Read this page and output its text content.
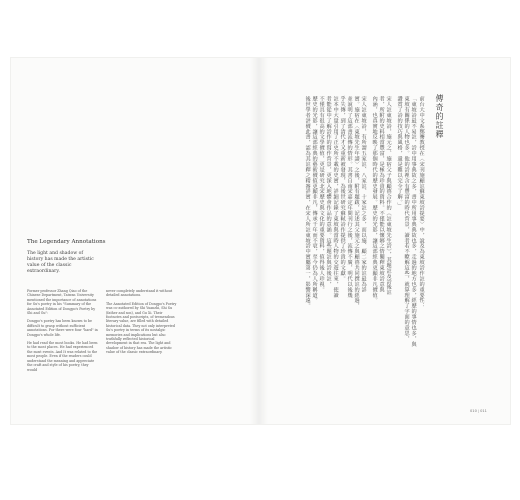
The Legendary Annotations
The light and shadow of history has made the artistic value of the classic extraordinary.

Former professor Zhang Qiao of the Chinese Department, Taiwan University mentioned the importance of annotations for Su's poetry in his "Summary of the Annotated Edition of Dongpo's Poetry by Shi and Gu":

Dongpo's poetry has been known to be difficult to grasp without sufficient annotations. For there were four "hard" in Dongpo's whole life.

He had read the most books. He had been to the most places. He had experienced the most events. And It was related to the most people. Even if the readers could understand the meaning and appreciate the craft and style of his poetry, they would

never completely understand it without detailed annotations.

The Annotated Edition of Dongpo's Poetry was co-authored by Shi Yuanzhi, Shi Su (father and son), and Gu Xi. Their footnotes and postscripts, of tremendous literary value, are filled with detailed historical data. They not only interpreted Su's poetry in terms of its nostalgic memories and implications but also truthfully reflected historical development in that era. The light and shadow of history has made the artistic value of the classic extraordinary.

傳奇的註釋
前台大中文系鄭騫教授在〈宋刊施顧註蘇東坡詩提要〉中，說及為東坡詩作註的重要性：
「東坡詩最不易註，詩中用事典故之多，書中所用事典典故也多，走過的地方也多，經歷的事情也多，與
東坡有關係的人物也多。他的詩裡含有豐富的時代背景，讀者若不瞭解這些，就算理解了字面的意思，
讚賞了詩的技巧與風格，還是難以完全了解。」
宋人註東坡詩，施元之、施宿父子與顧禧合作的《註東坡先生詩》，其題註及詩後註
者，所附的史料相當豐富，是極為珍貴的資料。不僅能以懷鄉之情闡釋東坡詩意與
內涵，也真實地反映了那個時代的歷史發展。歷史的光影，讓這部經典更顯非凡價值。
宋人註東坡詩，有所謂五家註、八家註、十家註之多，而以施、顧二家的註最為詳
實。施宿在〈東坡先生年譜〉之後，附有題跋，記述其父施元之與顧禧共同撰註的經過，
並說明了這部書流傳的情形。其書自南宋嘉定年間刊行之後，流傳不廣，明代以後幾
乎失傳，到了清代才又重新被發現，為後世研究蘇軾詩作提供了珍貴的文獻。
註本中大量引用了正史所不載的史實，詳細記錄了東坡與當時人物的交遊往來，使讀
者能從中了解詩作的寫作背景，更深入地體會作品的意涵。這些題註與詩後註，
不僅具有很高的文學價值，更是研究北宋歷史與文化的重要資料，值得後人珍視。
歷史的光影，讓這部經典的藝術價值更顯非凡，傳承千年而不衰，至今仍為人所稱道。
後世學者評價此書，認為其註釋之精審詳實，在宋人所註東坡詩中實屬第一，影響深遠。
010|011
